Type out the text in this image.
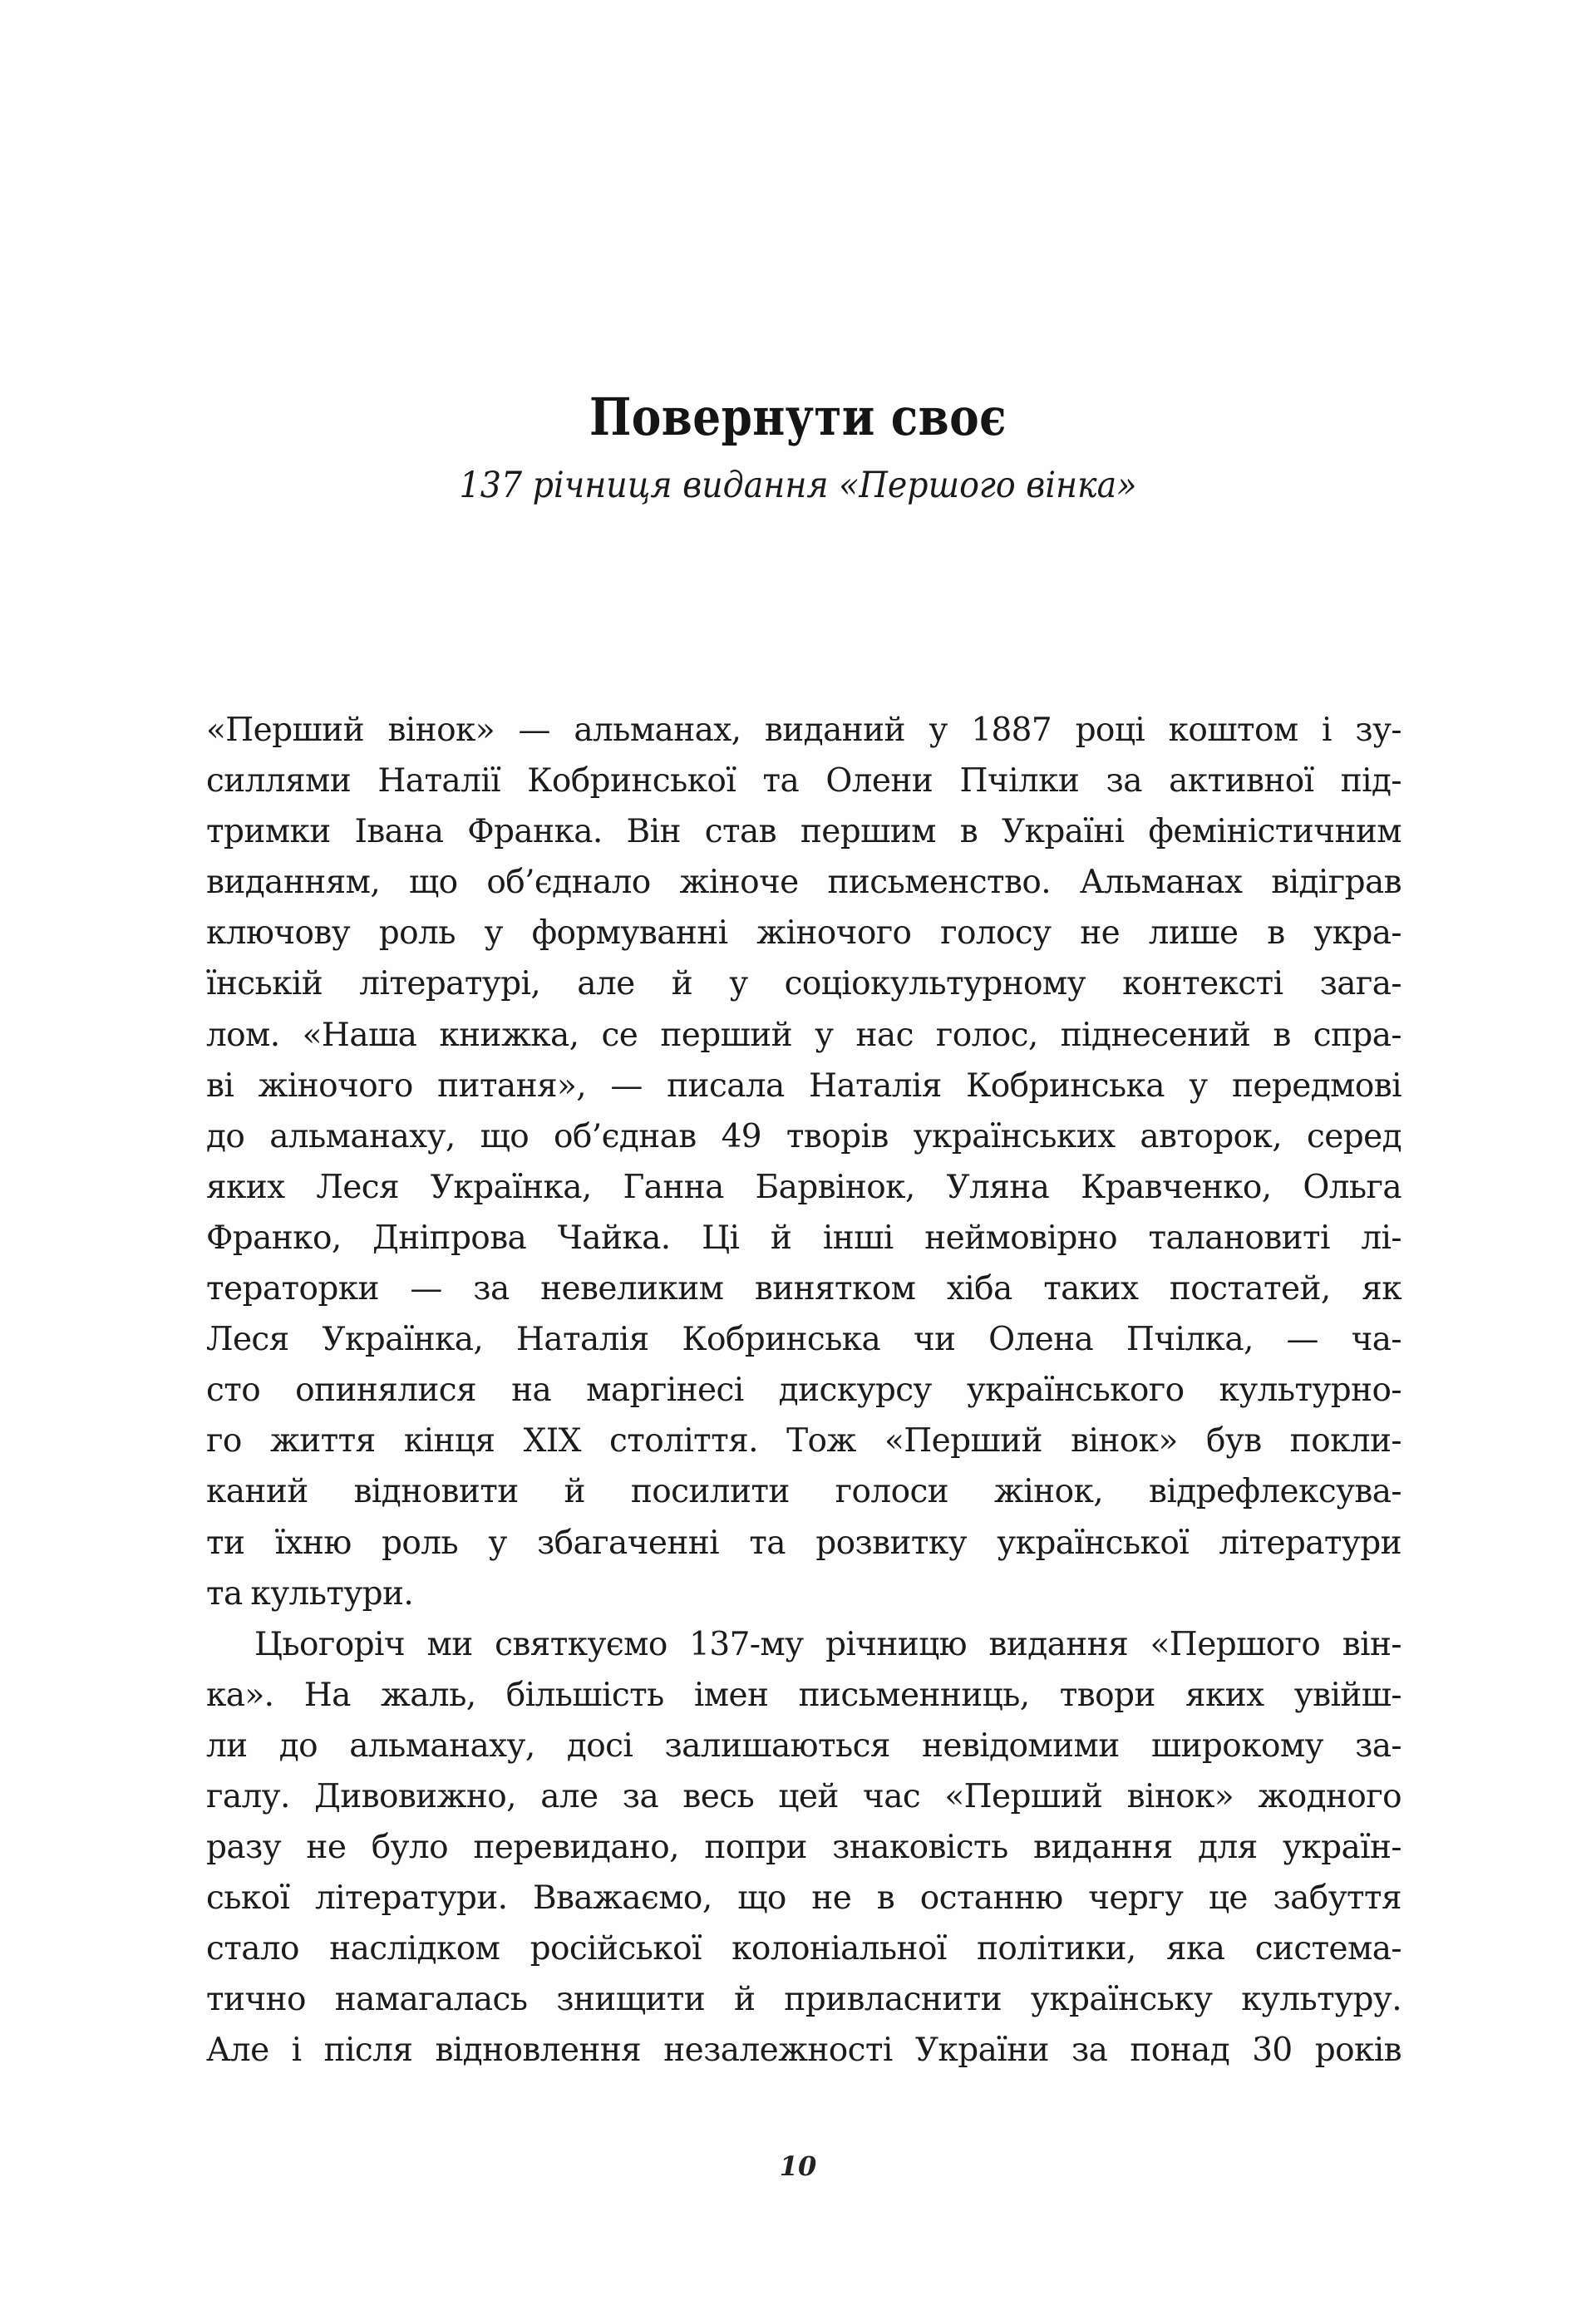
Повернути своє
137 річниця видання «Першого вінка»
«Перший вінок» — альманах, виданий у 1887 році коштом і зу-
силлями Наталії Кобринської та Олени Пчілки за активної під-
тримки Івана Франка. Він став першим в Україні феміністичним
виданням, що об’єднало жіноче письменство. Альманах відіграв
ключову роль у формуванні жіночого голосу не лише в укра-
їнській літературі, але й у соціокультурному контексті зага-
лом. «Наша книжка, се перший у нас голос, піднесений в спра-
ві жіночого питаня», — писала Наталія Кобринська у передмові
до альманаху, що об’єднав 49 творів українських авторок, серед
яких Леся Українка, Ганна Барвінок, Уляна Кравченко, Ольга
Франко, Дніпрова Чайка. Ці й інші неймовірно талановиті лі-
тераторки — за невеликим винятком хіба таких постатей, як
Леся Українка, Наталія Кобринська чи Олена Пчілка, — ча-
сто опинялися на маргінесі дискурсу українського культурно-
го життя кінця XIX століття. Тож «Перший вінок» був покли-
каний відновити й посилити голоси жінок, відрефлексува-
ти їхню роль у збагаченні та розвитку української літератури
та культури.
Цьогоріч ми святкуємо 137-му річницю видання «Першого він-
ка». На жаль, більшість імен письменниць, твори яких увійш-
ли до альманаху, досі залишаються невідомими широкому за-
галу. Дивовижно, але за весь цей час «Перший вінок» жодного
разу не було перевидано, попри знаковість видання для україн-
ської літератури. Вважаємо, що не в останню чергу це забуття
стало наслідком російської колоніальної політики, яка система-
тично намагалась знищити й привласнити українську культуру.
Але і після відновлення незалежності України за понад 30 років
10
